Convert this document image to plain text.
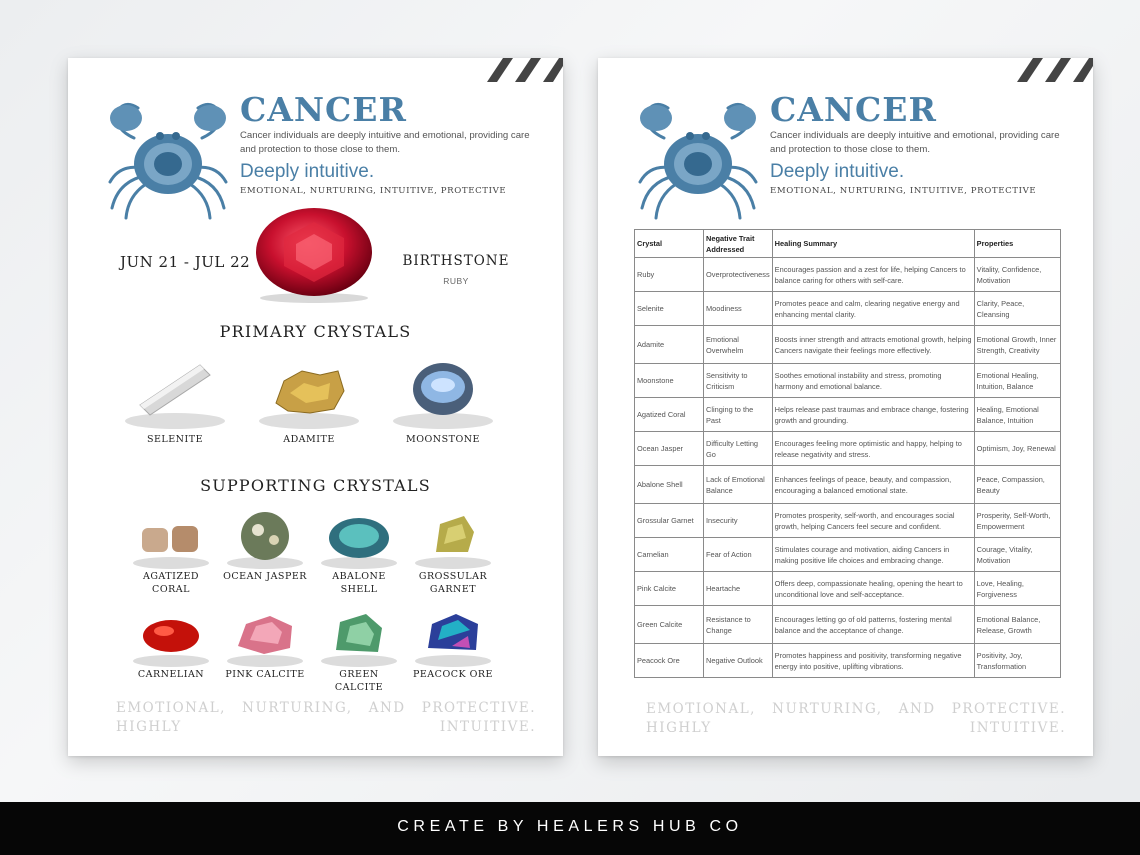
CANCER
Cancer individuals are deeply intuitive and emotional, providing care and protection to those close to them.
Deeply intuitive.
EMOTIONAL, NURTURING, INTUITIVE, PROTECTIVE
JUN 21 - JUL 22	BIRTHSTONE
RUBY
PRIMARY CRYSTALS
SELENITE	ADAMITE	MOONSTONE
SUPPORTING CRYSTALS
AGATIZED
CORAL
OCEAN JASPER	ABALONE
SHELL
GROSSULAR
GARNET
CARNELIAN	PINK CALCITE	GREEN
CALCITE
PEACOCK ORE
EMOTIONAL, NURTURING, AND PROTECTIVE. HIGHLY INTUITIVE.
CANCER
Cancer individuals are deeply intuitive and emotional, providing care and protection to those close to them.
Deeply intuitive.
EMOTIONAL, NURTURING, INTUITIVE, PROTECTIVE
Crystal	Negative Trait Addressed	Healing Summary	Properties
Ruby	Overprotectiveness	Encourages passion and a zest for life, helping Cancers to balance caring for others with self-care.	Vitality, Confidence, Motivation
Selenite	Moodiness	Promotes peace and calm, clearing negative energy and enhancing mental clarity.	Clarity, Peace, Cleansing
Adamite	Emotional Overwhelm	Boosts inner strength and attracts emotional growth, helping Cancers navigate their feelings more effectively.	Emotional Growth, Inner Strength, Creativity
Moonstone	Sensitivity to Criticism	Soothes emotional instability and stress, promoting harmony and emotional balance.	Emotional Healing, Intuition, Balance
Agatized Coral	Clinging to the Past	Helps release past traumas and embrace change, fostering growth and grounding.	Healing, Emotional Balance, Intuition
Ocean Jasper	Difficulty Letting Go	Encourages feeling more optimistic and happy, helping to release negativity and stress.	Optimism, Joy, Renewal
Abalone Shell	Lack of Emotional Balance	Enhances feelings of peace, beauty, and compassion, encouraging a balanced emotional state.	Peace, Compassion, Beauty
Grossular Garnet	Insecurity	Promotes prosperity, self-worth, and encourages social growth, helping Cancers feel secure and confident.	Prosperity, Self-Worth, Empowerment
Carnelian	Fear of Action	Stimulates courage and motivation, aiding Cancers in making positive life choices and embracing change.	Courage, Vitality, Motivation
Pink Calcite	Heartache	Offers deep, compassionate healing, opening the heart to unconditional love and self-acceptance.	Love, Healing, Forgiveness
Green Calcite	Resistance to Change	Encourages letting go of old patterns, fostering mental balance and the acceptance of change.	Emotional Balance, Release, Growth
Peacock Ore	Negative Outlook	Promotes happiness and positivity, transforming negative energy into positive, uplifting vibrations.	Positivity, Joy, Transformation
EMOTIONAL, NURTURING, AND PROTECTIVE. HIGHLY INTUITIVE.
CREATE BY HEALERS HUB CO
